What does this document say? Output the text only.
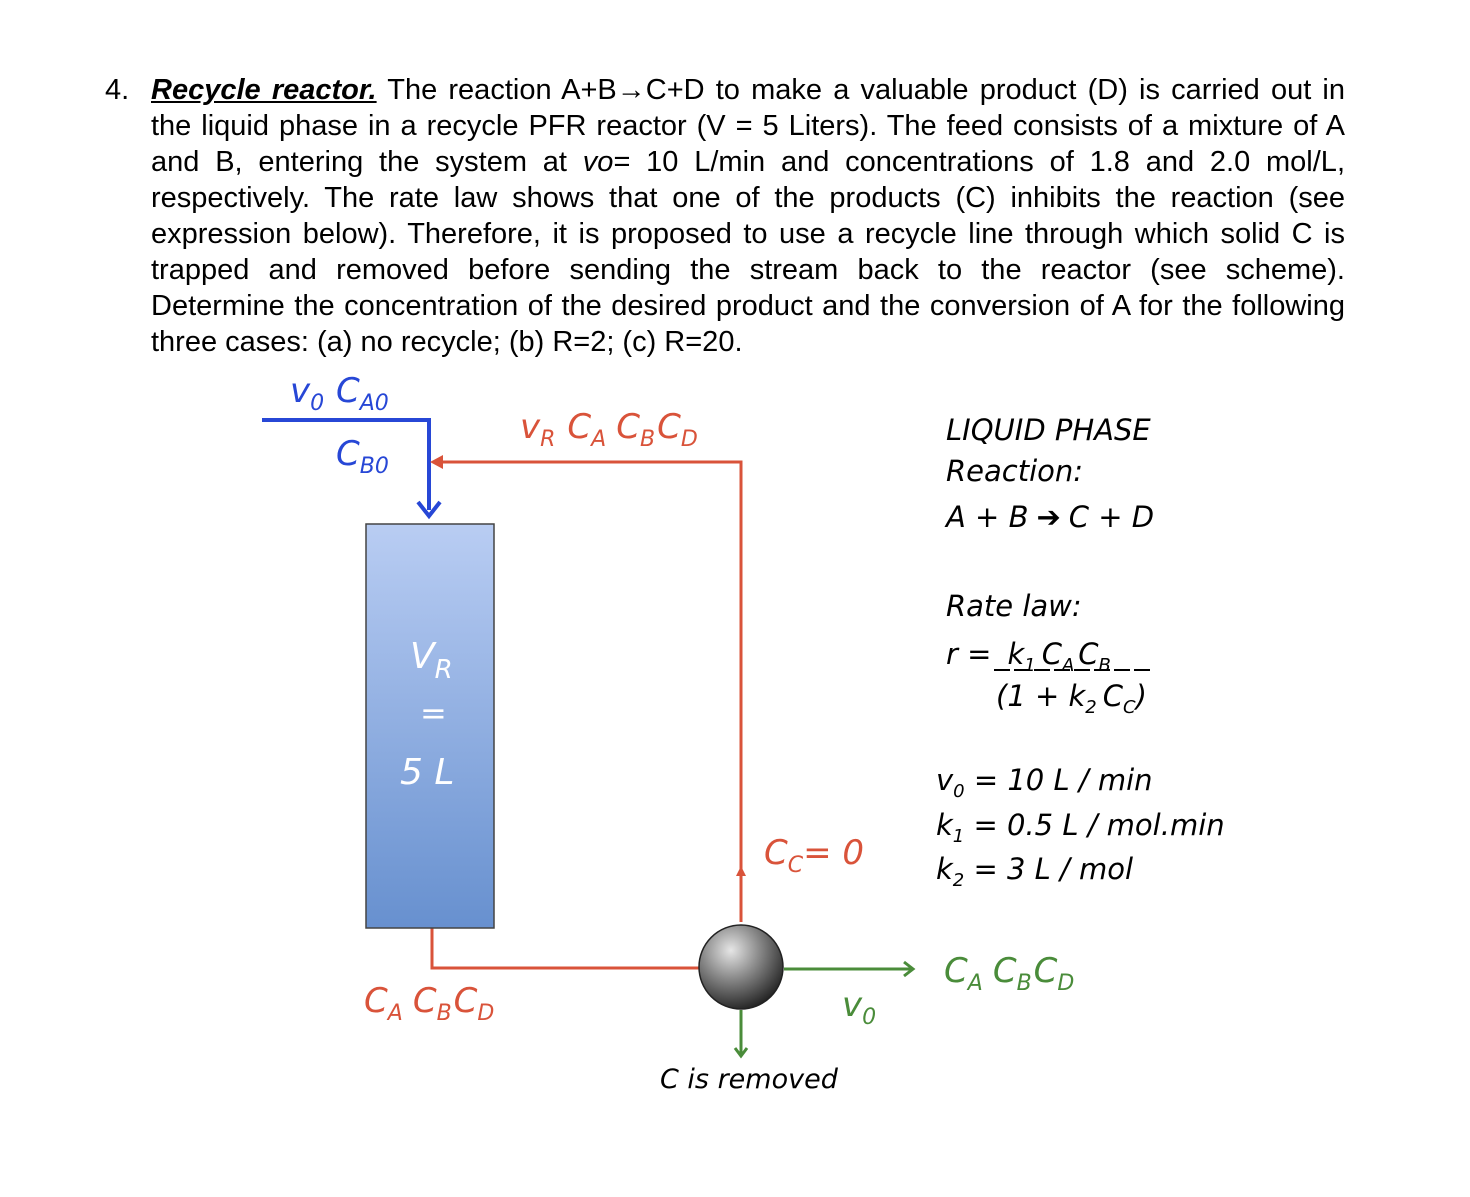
4. Recycle reactor. The reaction A+B→C+D to make a valuable product (D) is carried out in the liquid phase in a recycle PFR reactor (V = 5 Liters). The feed consists of a mixture of A and B, entering the system at vo= 10 L/min and concentrations of 1.8 and 2.0 mol/L, respectively. The rate law shows that one of the products (C) inhibits the reaction (see expression below). Therefore, it is proposed to use a recycle line through which solid C is trapped and removed before sending the stream back to the reactor (see scheme). Determine the concentration of the desired product and the conversion of A for the following three cases: (a) no recycle; (b) R=2; (c) R=20.
$v_0$ $C_{A0}$
$C_{B0}$
$v_R$ $C_A$ $C_BC_D$
$V_R$
=
5 L
$C_A$ $C_BC_D$
$C_C= 0$
$v_0$
$C_A$ $C_BC_D$
C is removed
LIQUID PHASE
Reaction:
A + B ➔ C + D
Rate law:
$r = k_1$ $C_A$ $C_B$
($1 + k_2$ $C_C$)
$v_0 = 10$ L / min
$k_1 = 0.5$ L / mol.min
$k_2 = 3$ L / mol
